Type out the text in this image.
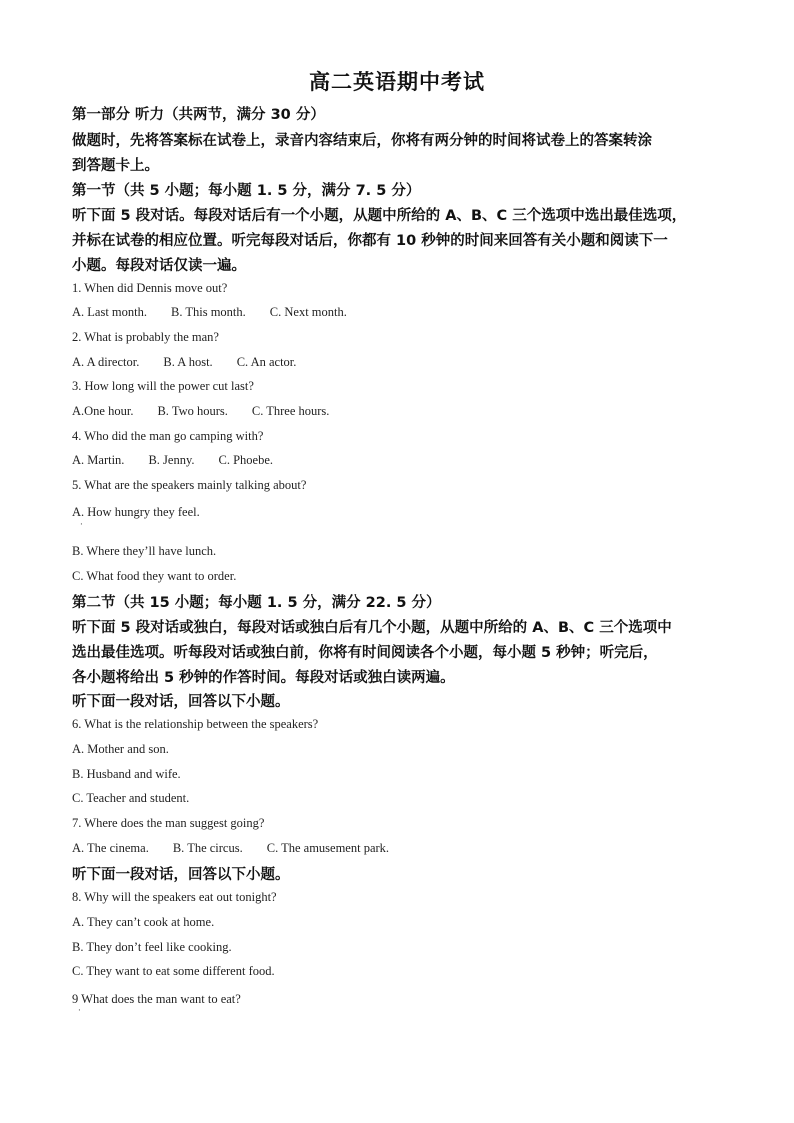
高二英语期中考试
第一部分 听力（共两节，满分 30 分）
做题时，先将答案标在试卷上，录音内容结束后，你将有两分钟的时间将试卷上的答案转涂
到答题卡上。
第一节（共 5 小题；每小题 1. 5 分，满分 7. 5 分）
听下面 5 段对话。每段对话后有一个小题，从题中所给的 A、B、C 三个选项中选出最佳选项，
并标在试卷的相应位置。听完每段对话后，你都有 10 秒钟的时间来回答有关小题和阅读下一
小题。每段对话仅读一遍。
1. When did Dennis move out?
A. Last month. B. This month. C. Next month.
2. What is probably the man?
A. A director. B. A host. C. An actor.
3. How long will the power cut last?
A.One hour. B. Two hours. C. Three hours.
4. Who did the man go camping with?
A. Martin. B. Jenny. C. Phoebe.
5. What are the speakers mainly talking about?
A. How hungry they feel.
·
B. Where they’ll have lunch.
C. What food they want to order.
第二节（共 15 小题；每小题 1. 5 分，满分 22. 5 分）
听下面 5 段对话或独白，每段对话或独白后有几个小题，从题中所给的 A、B、C 三个选项中
选出最佳选项。听每段对话或独白前，你将有时间阅读各个小题，每小题 5 秒钟；听完后，
各小题将给出 5 秒钟的作答时间。每段对话或独白读两遍。
听下面一段对话，回答以下小题。
6. What is the relationship between the speakers?
A. Mother and son.
B. Husband and wife.
C. Teacher and student.
7. Where does the man suggest going?
A. The cinema. B. The circus. C. The amusement park.
听下面一段对话，回答以下小题。
8. Why will the speakers eat out tonight?
A. They can’t cook at home.
B. They don’t feel like cooking.
C. They want to eat some different food.
9 What does the man want to eat?
·
